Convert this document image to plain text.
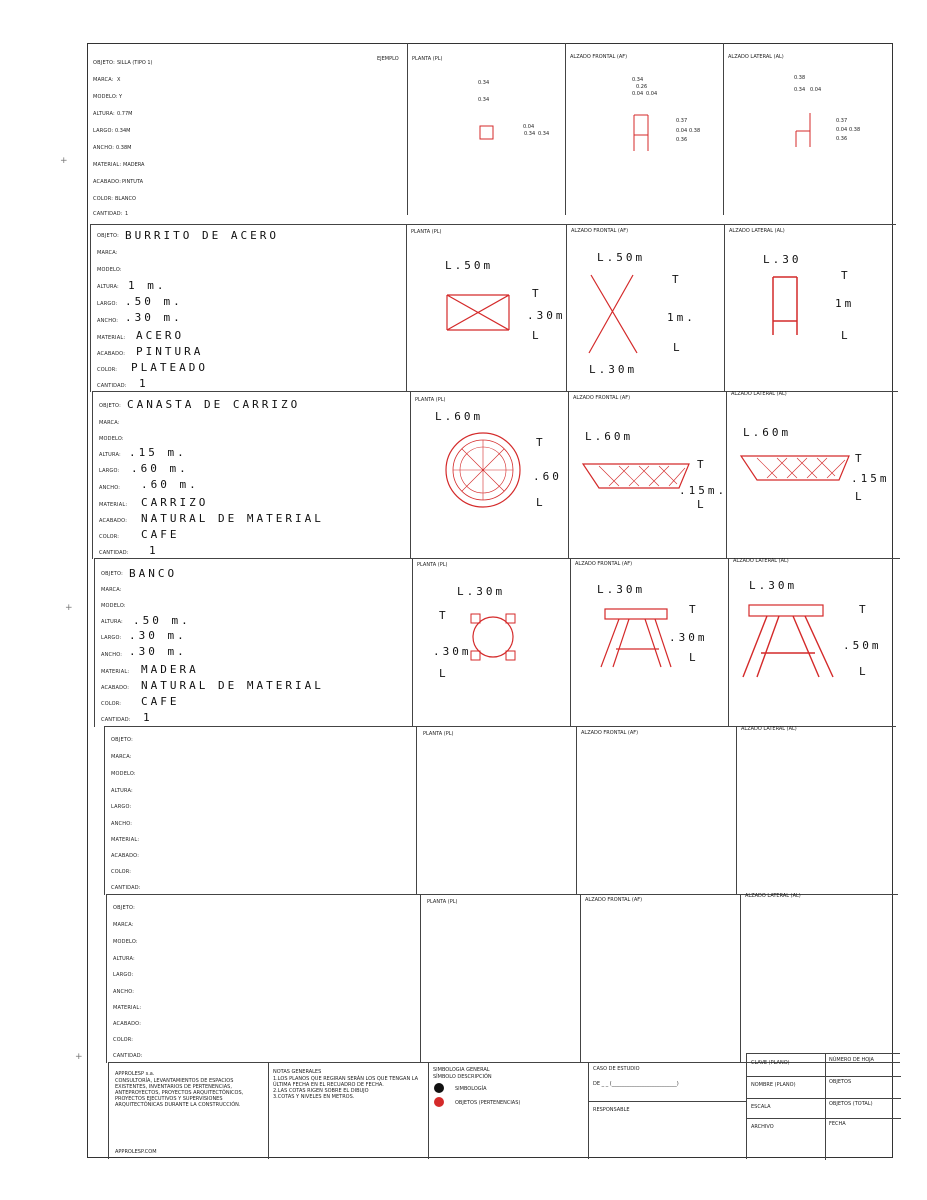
+
+
+
EJEMPLO
OBJETO: SILLA (TIPO 1)
MARCA: X
MODELO: Y
ALTURA: 0.77M
LARGO: 0.34M
ANCHO: 0.38M
MATERIAL: MADERA
ACABADO: PINTUTA
COLOR: BLANCO
CANTIDAD: 1
PLANTA (PL)
0.34
0.34
0.04
0.34 0.34
ALZADO FRONTAL (AF)
0.34
0.26
0.04 0.04
0.37
0.04 0.38
0.36
ALZADO LATERAL (AL)
0.38
0.34 0.04
0.37
0.04 0.38
0.36
OBJETO: BURRITO DE ACERO
MARCA:
MODELO:
ALTURA: 1 m.
LARGO: .50 m.
ANCHO: .30 m.
MATERIAL: ACERO
ACABADO: PINTURA
COLOR: PLATEADO
CANTIDAD: 1
PLANTA (PL)
L.50m
T
.30m
L
ALZADO FRONTAL (AF)
L.50m
T
1m.
L
L.30m
ALZADO LATERAL (AL)
L.30
T
1m
L
OBJETO: CANASTA DE CARRIZO
MARCA:
MODELO:
ALTURA: .15 m.
LARGO: .60 m.
ANCHO: .60 m.
MATERIAL: CARRIZO
ACABADO: NATURAL DE MATERIAL
COLOR: CAFE
CANTIDAD: 1
PLANTA (PL)
L.60m
T
.60
L
ALZADO FRONTAL (AF)
L.60m
T
.15m.
L
ALZADO LATERAL (AL)
L.60m
T
.15m
L
OBJETO: BANCO
MARCA:
MODELO:
ALTURA: .50 m.
LARGO: .30 m.
ANCHO: .30 m.
MATERIAL: MADERA
ACABADO: NATURAL DE MATERIAL
COLOR: CAFE
CANTIDAD: 1
PLANTA (PL)
L.30m
T
.30m
L
ALZADO FRONTAL (AF)
L.30m
T
.30m
L
ALZADO LATERAL (AL)
L.30m
T
.50m
L
OBJETO:
MARCA:
MODELO:
ALTURA:
LARGO:
ANCHO:
MATERIAL:
ACABADO:
COLOR:
CANTIDAD:
PLANTA (PL)	ALZADO FRONTAL (AF)
ALZADO LATERAL (AL)
OBJETO:
MARCA:
MODELO:
ALTURA:
LARGO:
ANCHO:
MATERIAL:
ACABADO:
COLOR:
CANTIDAD:
PLANTA (PL)	ALZADO FRONTAL (AF)
ALZADO LATERAL (AL)
APPROLESP s.a.
CONSULTORÍA, LEVANTAMIENTOS DE ESPACIOS EXISTENTES, INVENTARIOS DE PERTENENCIAS, ANTEPROYECTOS, PROYECTOS ARQUITECTÓNICOS, PROYECTOS EJECUTIVOS Y SUPERVISIONES ARQUITECTÓNICAS DURANTE LA CONSTRUCCIÓN.
APPROLESP.COM
NOTAS GENERALES
1.LOS PLANOS QUE REGIRAN SERÁN LOS QUE TENGAN LA ÚLTIMA FECHA EN EL RECUADRO DE FECHA.
2.LAS COTAS RIGEN SOBRE EL DIBUJO
3.COTAS Y NIVELES EN METROS.
SIMBOLOGIA GENERAL
SÍMBOLO DESCRIPCIÓN
SIMBOLOGÍA
OBJETOS (PERTENENCIAS)
CASO DE ESTUDIO
DE _ _ (__________________________)
RESPONSABLE
CLAVE (PLANO)	NÚMERO DE HOJA
NOMBRE (PLANO)	OBJETOS
ESCALA	OBJETOS (TOTAL)
ARCHIVO	FECHA
